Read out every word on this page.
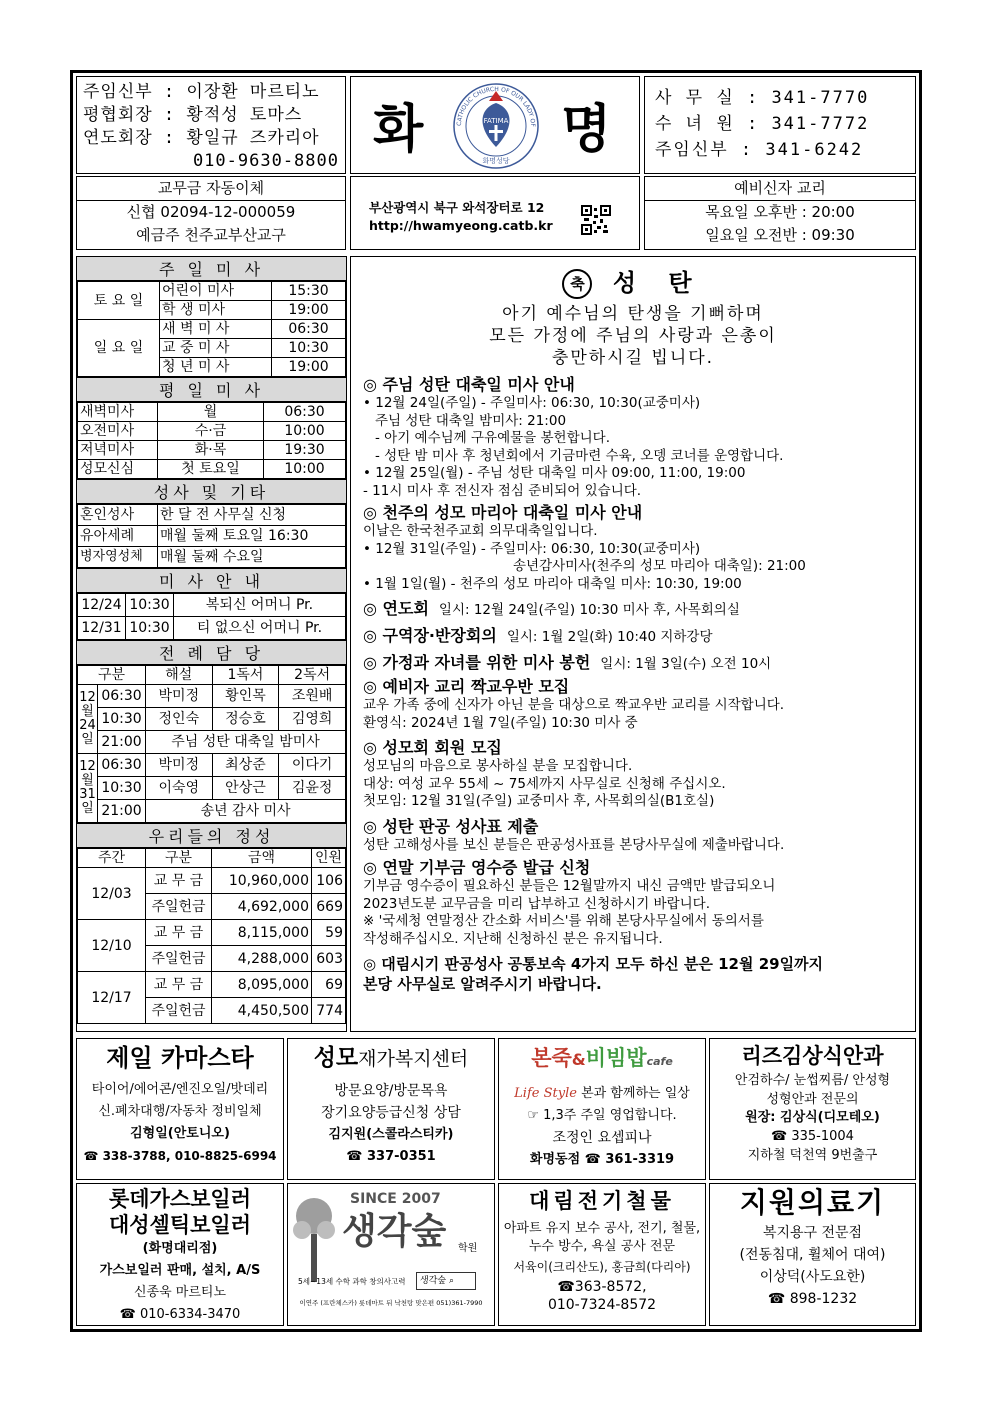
주임신부 : 이장환 마르티노
평협회장 : 황적성 토마스
연도회장 : 황일규 즈카리아
010-9630-8800
화	FATIMA
CATHOLIC CHURCH OF OUR LADY OF
화명성당
명
사 무 실 : 341-7770
수 녀 원 : 341-7772
주임신부 : 341-6242
교무금 자동이체
신협 02094-12-000059
예금주 천주교부산교구
부산광역시 북구 와석장터로 12
http://hwamyeong.catb.kr
예비신자 교리
목요일 오후반 : 20:00
일요일 오전반 : 09:30
주 일 미 사
토 요 일	어린이 미사	15:30
	학 생 미사	19:00
일 요 일	새 벽 미 사	06:30
	교 중 미 사	10:30
	청 년 미 사	19:00
평 일 미 사
새벽미사	월	06:30
오전미사	수·금	10:00
저녁미사	화·목	19:30
성모신심	첫 토요일	10:00
성사 및 기타
혼인성사	한 달 전 사무실 신청
유아세례	매월 둘째 토요일 16:30
병자영성체	매월 둘째 수요일
미 사 안 내
12/24	10:30	복되신 어머니 Pr.
12/31	10:30	티 없으신 어머니 Pr.
전 례 담 당
구분		해설	1독서	2독서
12월24일	06:30	박미정	황인목	조원배
	10:30	정인숙	정승호	김영희
	21:00	주님 성탄 대축일 밤미사		
12월31일	06:30	박미정	최상준	이다기
	10:30	이숙영	안상근	김윤정
	21:00	송년 감사 미사		
우리들의 정성
주간	구분	금액	인원
12/03	교 무 금	10,960,000	106
	주일헌금	4,692,000	669
12/10	교 무 금	8,115,000	59
	주일헌금	4,288,000	603
12/17	교 무 금	8,095,000	69
	주일헌금	4,450,500	774
축 성 탄
아기 예수님의 탄생을 기뻐하며
모든 가정에 주님의 사랑과 은총이
충만하시길 빕니다.
◎ 주님 성탄 대축일 미사 안내
• 12월 24일(주일) - 주일미사: 06:30, 10:30(교중미사)
주님 성탄 대축일 밤미사: 21:00
- 아기 예수님께 구유예물을 봉헌합니다.
- 성탄 밤 미사 후 청년회에서 기금마련 수육, 오뎅 코너를 운영합니다.
• 12월 25일(월) - 주님 성탄 대축일 미사 09:00, 11:00, 19:00
- 11시 미사 후 전신자 점심 준비되어 있습니다.
◎ 천주의 성모 마리아 대축일 미사 안내
이날은 한국천주교회 의무대축일입니다.
• 12월 31일(주일) - 주일미사: 06:30, 10:30(교중미사)
송년감사미사(천주의 성모 마리아 대축일): 21:00
• 1월 1일(월) - 천주의 성모 마리아 대축일 미사: 10:30, 19:00
◎ 연도회 일시: 12월 24일(주일) 10:30 미사 후, 사목회의실
◎ 구역장·반장회의 일시: 1월 2일(화) 10:40 지하강당
◎ 가정과 자녀를 위한 미사 봉헌 일시: 1월 3일(수) 오전 10시
◎ 예비자 교리 짝교우반 모집
교우 가족 중에 신자가 아닌 분을 대상으로 짝교우반 교리를 시작합니다.
환영식: 2024년 1월 7일(주일) 10:30 미사 중
◎ 성모회 회원 모집
성모님의 마음으로 봉사하실 분을 모집합니다.
대상: 여성 교우 55세 ~ 75세까지 사무실로 신청해 주십시오.
첫모임: 12월 31일(주일) 교중미사 후, 사목회의실(B1호실)
◎ 성탄 판공 성사표 제출
성탄 고해성사를 보신 분들은 판공성사표를 본당사무실에 제출바랍니다.
◎ 연말 기부금 영수증 발급 신청
기부금 영수증이 필요하신 분들은 12월말까지 내신 금액만 발급되오니
2023년도분 교무금을 미리 납부하고 신청하시기 바랍니다.
※ '국세청 연말정산 간소화 서비스'를 위해 본당사무실에서 동의서를
작성해주십시오. 지난해 신청하신 분은 유지됩니다.
◎ 대림시기 판공성사 공통보속 4가지 모두 하신 분은 12월 29일까지
본당 사무실로 알려주시기 바랍니다.
제일 카마스타
타이어/에어콘/엔진오일/밧데리
신.폐차대행/자동차 정비일체
김형일(안토니오)
☎ 338-3788, 010-8825-6994
성모재가복지센터
방문요양/방문목욕
장기요양등급신청 상담
김지원(스콜라스티카)
☎ 337-0351
본죽&비빔밥cafe
Life Style 본과 함께하는 일상
☞ 1,3주 주일 영업합니다.
조정인 요셉피나
화명동점 ☎ 361-3319
리즈김상식안과
안검하수/ 눈썹찌름/ 안성형
성형안과 전문의
원장: 김상식(디모테오)
☎ 335-1004
지하철 덕천역 9번출구
롯데가스보일러
대성셀틱보일러
(화명대리점)
가스보일러 판매, 설치, A/S
신종욱 마르티노
☎ 010-6334-3470
SINCE 2007
생각숲 학원
5세~13세 수학 과학 창의사고력	생각숲 ⌕
이연주 (프란체스카) 롯데마트 뒤 낙천탕 맞은편 051)361-7990
대림전기철물
아파트 유지 보수 공사, 전기, 철물,
누수 방수, 욕실 공사 전문
서육이(크리산도), 홍금희(다리아)
☎363-8572,
010-7324-8572
지원의료기
복지용구 전문점
(전동침대, 휠체어 대여)
이상덕(사도요한)
☎ 898-1232
